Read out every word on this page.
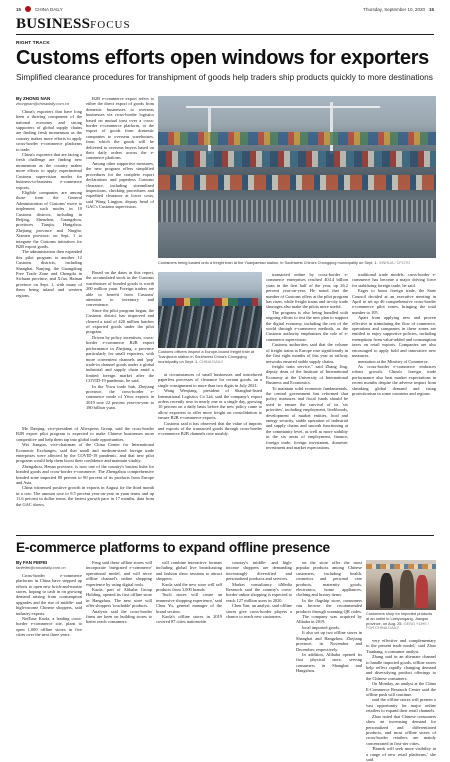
15	CHINA DAILY	Thursday, September 10, 2020 15
BUSINESSFOCUS
RIGHT TRACK
Customs efforts open windows for exporters
Simplified clearance procedures for transhipment of goods help traders ship products quickly to more destinations
By ZHONG NAN
zhongnan@chinadaily.com.cn

China's exporters that have long been a thriving component of the national economy and strong supporters of global supply chains are finding fresh momentum as the country makes more efforts to apply cross-border e-commerce platforms to trade.

China's exporters that are facing a fresh challenge are finding new momentum as the country makes more efforts to apply experimental Customs supervision modes for business-to-business e-commerce exports.

Eligible companies are among those from the General Administration of Customs' move to implement such modes in 10 Customs districts, including in Beijing, Shenzhen, Guangzhou, provinces Tianjin, Hangzhou, Zhejiang province and Ningbo, Xiamen province, on Sept. 1 to integrate the Customs initiatives for B2B export goods.

The administration then expanded this pilot program to another 12 Customs districts, including Shanghai, Nanjing, the Guangdong Free Trade Zone and Chengdu in Sichuan province, and Xi'an, Hainan province on Sept. 1, with many of them being inland and western regions.

B2B e-commerce export refers to either the direct export of goods from domestic businesses to overseas businesses via cross-border logistics based on mutual trust over a cross-border e-commerce platform, or the export of goods from domestic companies to overseas warehouses, from which the goods will be delivered to overseas buyers based on their daily orders across the e-commerce platform.

Among other supportive measures, the new program offers simplified procedures for the complete export declarations and paperless Customs clearance, including streamlined inspections, checking procedures and expedited clearance at lower costs, said Wang Lingjun, deputy head of GAC's Customs supervision.

Based on the dates in this report, the accumulated stock in the Customs warehouses of bonded goods is worth 200 million yuan. Foreign traders are able to benefit from Customs' attention to inventory and convenience.

Since the pilot program began, the Customs district has improved and cleared a total of 420 million batches of exported goods under the pilot program.

Driven by policy incentives, cross-border e-commerce B2B export performance in Zhejiang, a province particularly for small exporters, with more convenient channels and 'pop' trade-in channel goods under a global industrial and supply chain amid a limited foreign market after the COVID-19 pandemic, he said.

In the Yiwu trade hub, Zhejiang province, the cross-border e-commerce mode of Yiwu exports in 2019 rose 22 percent year-on-year to 180 billion yuan.

Containers being loaded onto a freight train at the Yuanjiamiao station, in Southwest China's Chongqing municipality on Sept. 1. XINHUA / CFOTO
Customs officers inspect a Europe-bound freight train at Tuanjiecun station in Southwest China's Chongqing municipality on Sept. 1. CHINA DAILY

at circumstances of small businesses and introduced paperless processes of clearance for certain goods, on a single consignment to more than two digits in July 2021.

Wang Wenjiang, president of Shanghai-listed International Logistics Co Ltd, said the company's export orders recently rose in nearly one or a single day, growing 10 percent on a daily basis before the new policy came to allow exporters to offer more freight on consolidation to ensure B2B e-commerce exports.

Customs said it has observed that the value of imports and exports of the transacted goods through cross-border e-commerce B2B channels rose notably.

transacted online by cross-border e-commerce enterprises reached 404.4 billion yuan in the first half of the year, up 26.2 percent year-on-year. He noted that the number of Customs offers at the pilot program has risen, while freight trains and in-city trade shortages also make the pilots more useful.

The program is also being bundled with ongoing efforts to test the new plan to support the digital economy, including the rest of the world through e-commerce methods, as the Customs authority emphasizes the role of e-commerce supervision.

Customs authorities said that the volume of freight trains to Europe rose significantly in the first eight months of this year as railway networks ensured stable supply chains.

freight train service," said Zhang Jing, deputy dean of the Institute of International Economy at the University of International Business and Economics.

To maintain solid economic fundamentals, the central government has reformed that policy measures and fiscal funds should be used to ensure the survival of its 'six priorities', including employment, livelihoods, development of market entities, food and energy security, stable operation of industrial and supply chains and smooth functioning at the community level, as well as more stability in the six areas of employment, finance, foreign trade, foreign investment, domestic investment and market expectations.

traditional trade models, cross-border e-commerce has become a major driving force for stabilizing foreign trade, he said.

Eager to boost foreign trade, the State Council decided at an executive meeting in April to set up 46 comprehensive cross-border e-commerce pilot zones, bringing the total number to 105.

Apart from applying new and proven effective in stimulating the flow of commerce, operations and companies in these zones are entitled to enjoy supportive policies, including exemptions from value-added and consumption taxes on retail exports. Companies are also encouraged to apply bold and innovative new measures.

mentation at the Ministry of Commerce.

As cross-border e-commerce embraces robust growth, China's foreign trade performance also beat market expectations in recent months despite the adverse impact from shrinking global demand and rising protectionism in some countries and regions.

Mo Daiqing, vice-president of Aliexpress Group, said the cross-border B2B export pilot program is expected to make Chinese businesses more competitive and help them tap into global trade opportunities.

Wei Jianguo, vice-chairman of the China Center for International Economic Exchanges, said that small and medium-sized foreign trade enterprises were affected by the COVID-19 pandemic, and that new pilot programs would help them boost their confidence and maintain vitality.

Zhengzhou, Henan province, is now one of the country's busiest hubs for bonded goods and cross-border e-commerce. The Zhengzhou comprehensive bonded zone imported 80 percent to 90 percent of its products from Europe and Asia.

China witnessed positive growth in exports in August for the third month in a row. The amount rose to 9.5 percent year-on-year in yuan terms and up 11.6 percent in dollar terms, the fastest growth pace in 17 months, data from the GAC shows.

E-commerce platforms to expand offline presence
By FAN FEIFEI
fanfeifei@chinadaily.com.cn

Cross-border e-commerce platforms in China have stepped up efforts to open new brick-and-mortar stores, hoping to cash in on growing demand arising from consumption upgrades and the rise of middle- and high-income Chinese shoppers, said industry experts.

NetEase Kaola, a leading cross-border e-commerce site, plans to open 1,000 offline stores in five cities over the next three years.

Feng said these offline stores will incorporate 'integrated e-commerce' operational model, and will serve offline channel's online shopping experience by using digital tools.

Kaola, part of Alibaba Group Holding, opened its first offline store in Hangzhou. The new store will offer shoppers 'touchable' products.

Analysts said the cross-border firms are keen on building stores to better reach consumers.

will combine interactive formats including global live broadcasting and fashion show sessions to attract shoppers.

Kaola said the new store will sell products from 3,000 brands.

'Such stores will create an immersive shopping experience,' said Chen Yu, general manager of the brand section.

Kaola's offline stores in 2019 covered 87 cities nationwide.

country's middle- and high-income shoppers are demanding increasingly diversified and personalized products and services.

Market consultancy iiMedia Research said the country's cross-border online shopping is expected to reach 127 million users in 2020.

Chen Yan, an analyst, said offline stores give cross-border players a chance to reach new customers.

on the store offer the most popular products among Chinese customers, including health, cosmetics and personal care products, maternity goods, electronics, home appliances, clothing and luxury items.

In the flagship store, consumers can browse the recommended products through scanning QR codes.

The company was acquired by Alibaba in 2019.

local imported goods.

It also set up two offline stores in Shanghai and Hangzhou, Zhejiang province, in November and December, respectively.

In addition, Alibaba opened its first physical store, serving consumers in Shanghai and Hangzhou.

Customers shop for imported products at an outlet in Lianyungang, Jiangsu province, on Aug. 25. GENG YUHE / FOR CHINA DAILY

very effective and complementary to the present trade model,' said Zhao Tianhang, a consumer analyst.

Zhang said in an alternate channel to handle imported goods, offline stores help reflect rapidly changing demand and diversifying product offerings to the Chinese consumers.

On Monday, an analyst at the China E-Commerce Research Center said the offline push will continue.

said the offline stores will present a vast opportunity for major online retailers to expand their retail channels.

Zhao noted that Chinese consumers show an increasing demand for personalized and differentiated products, and most offline stores of cross-border retailers are mainly concentrated in first-tier cities.

'Brands will seek more visibility in a range of new retail platforms,' she said.
